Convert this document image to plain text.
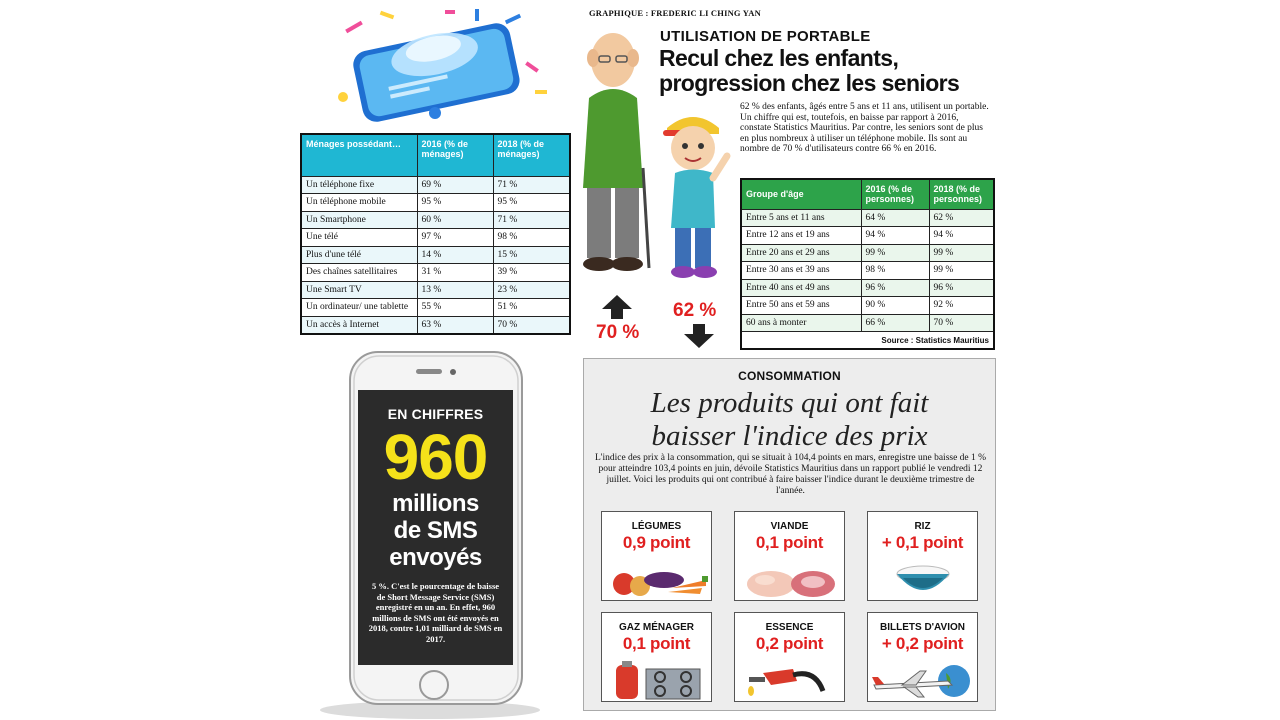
Ménages possédant…	2016 (% de ménages)	2018 (% de ménages)
Un téléphone fixe	69 %	71 %
Un téléphone mobile	95 %	95 %
Un Smartphone	60 %	71 %
Une télé	97 %	98 %
Plus d'une télé	14 %	15 %
Des chaînes satellitaires	31 %	39 %
Une Smart TV	13 %	23 %
Un ordinateur/ une tablette	55 %	51 %
Un accès à Internet	63 %	70 %
GRAPHIQUE : FREDERIC LI CHING YAN
UTILISATION DE PORTABLE
Recul chez les enfants,
progression chez les seniors
62 % des enfants, âgés entre 5 ans et 11 ans, utilisent un portable. Un chiffre qui est, toutefois, en baisse par rapport à 2016, constate Statistics Mauritius. Par contre, les seniors sont de plus en plus nombreux à utiliser un téléphone mobile. Ils sont au nombre de 70 % d'utilisateurs contre 66 % en 2016.
70 %
62 %
Groupe d'âge	2016 (% de personnes)	2018 (% de personnes)
Entre 5 ans et 11 ans	64 %	62 %
Entre 12 ans et 19 ans	94 %	94 %
Entre 20 ans et 29 ans	99 %	99 %
Entre 30 ans et 39 ans	98 %	99 %
Entre 40 ans et 49 ans	96 %	96 %
Entre 50 ans et 59 ans	90 %	92 %
60 ans à monter	66 %	70 %
Source : Statistics Mauritius		
EN CHIFFRES
960
millions
de SMS
envoyés
5 %. C'est le pourcentage de baisse de Short Message Service (SMS) enregistré en un an. En effet, 960 millions de SMS ont été envoyés en 2018, contre 1,01 milliard de SMS en 2017.
CONSOMMATION
Les produits qui ont fait
baisser l'indice des prix
L'indice des prix à la consommation, qui se situait à 104,4 points en mars, enregistre une baisse de 1 % pour atteindre 103,4 points en juin, dévoile Statistics Mauritius dans un rapport publié le vendredi 12 juillet. Voici les produits qui ont contribué à faire baisser l'indice durant le deuxième trimestre de l'année.
LÉGUMES
0,9 point
VIANDE
0,1 point
RIZ
+ 0,1 point
GAZ MÉNAGER
0,1 point
ESSENCE
0,2 point
BILLETS D'AVION
+ 0,2 point
